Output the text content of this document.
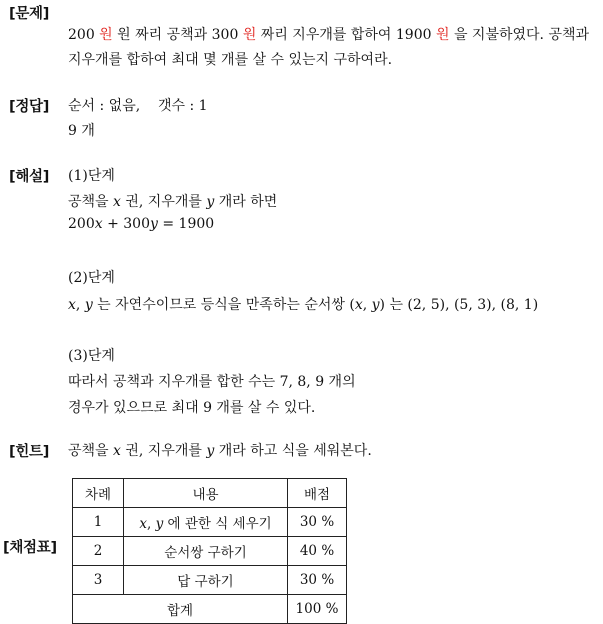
[문제]
200 원 원 짜리 공책과 300 원 짜리 지우개를 합하여 1900 원 을 지불하였다. 공책과
지우개를 합하여 최대 몇 개를 살 수 있는지 구하여라.
[정답] 순서 : 없음,    갯수 : 1
9 개
[해설] (1)단계
공책을 x 권, 지우개를 y 개라 하면
200x + 300y = 1900
(2)단계
x, y 는 자연수이므로 등식을 만족하는 순서쌍 (x, y) 는 (2, 5), (5, 3), (8, 1)
(3)단계
따라서 공책과 지우개를 합한 수는 7, 8, 9 개의
경우가 있으므로 최대 9 개를 살 수 있다.
[힌트] 공책을 x 권, 지우개를 y 개라 하고 식을 세워본다.
[채점표]
차례	내용	배점
1	x, y 에 관한 식 세우기	30 %
2	순서쌍 구하기	40 %
3	답 구하기	30 %
합계		100 %
